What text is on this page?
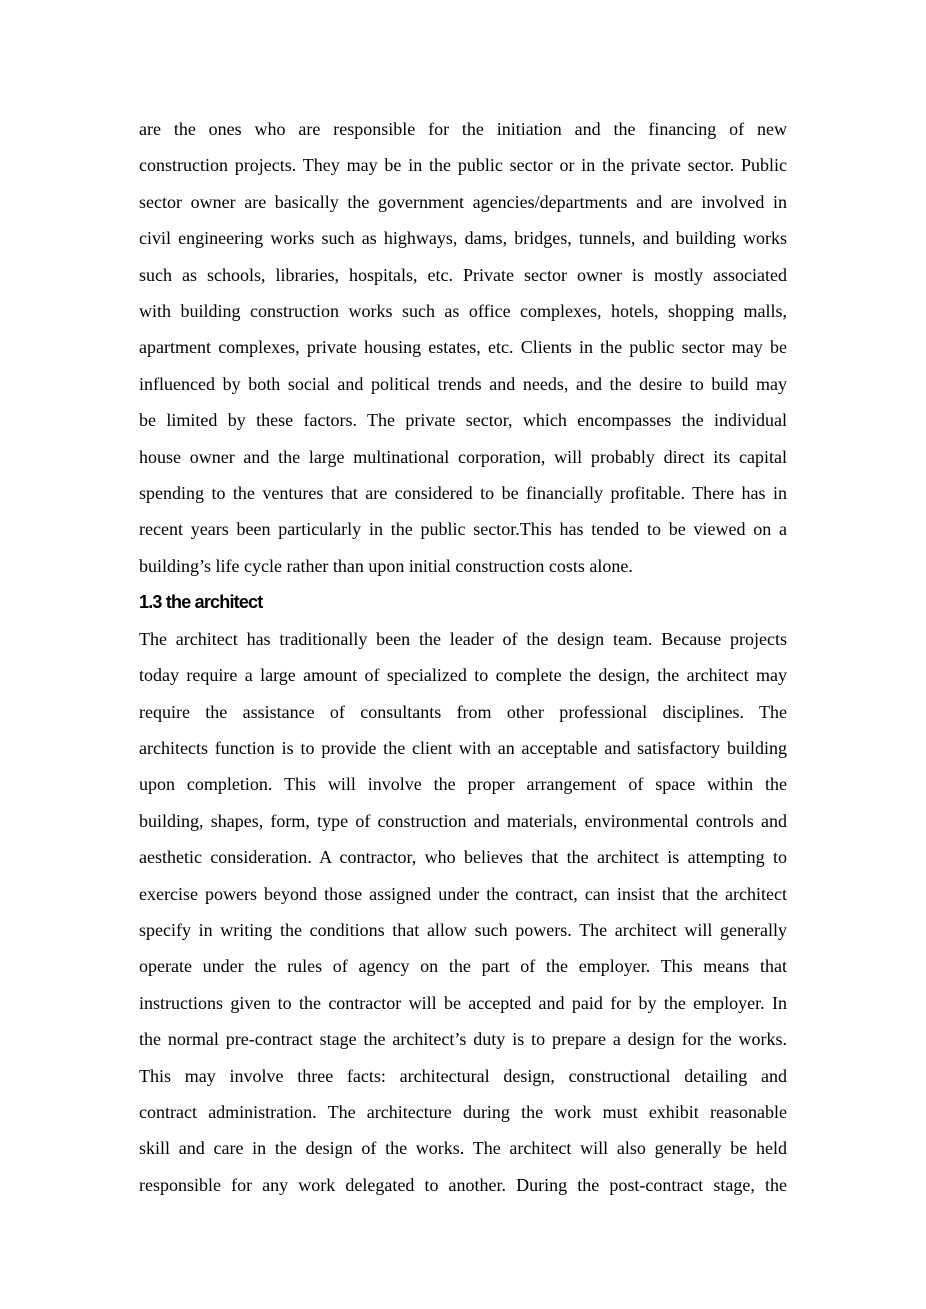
are the ones who are responsible for the initiation and the financing of new
construction projects. They may be in the public sector or in the private sector. Public
sector owner are basically the government agencies/departments and are involved in
civil engineering works such as highways, dams, bridges, tunnels, and building works
such as schools, libraries, hospitals, etc. Private sector owner is mostly associated
with building construction works such as office complexes, hotels, shopping malls,
apartment complexes, private housing estates, etc. Clients in the public sector may be
influenced by both social and political trends and needs, and the desire to build may
be limited by these factors. The private sector, which encompasses the individual
house owner and the large multinational corporation, will probably direct its capital
spending to the ventures that are considered to be financially profitable. There has in
recent years been particularly in the public sector.This has tended to be viewed on a
building’s life cycle rather than upon initial construction costs alone.
1.3 the architect
The architect has traditionally been the leader of the design team. Because projects
today require a large amount of specialized to complete the design, the architect may
require the assistance of consultants from other professional disciplines. The
architects function is to provide the client with an acceptable and satisfactory building
upon completion. This will involve the proper arrangement of space within the
building, shapes, form, type of construction and materials, environmental controls and
aesthetic consideration. A contractor, who believes that the architect is attempting to
exercise powers beyond those assigned under the contract, can insist that the architect
specify in writing the conditions that allow such powers. The architect will generally
operate under the rules of agency on the part of the employer. This means that
instructions given to the contractor will be accepted and paid for by the employer. In
the normal pre-contract stage the architect’s duty is to prepare a design for the works.
This may involve three facts: architectural design, constructional detailing and
contract administration. The architecture during the work must exhibit reasonable
skill and care in the design of the works. The architect will also generally be held
responsible for any work delegated to another. During the post-contract stage, the
